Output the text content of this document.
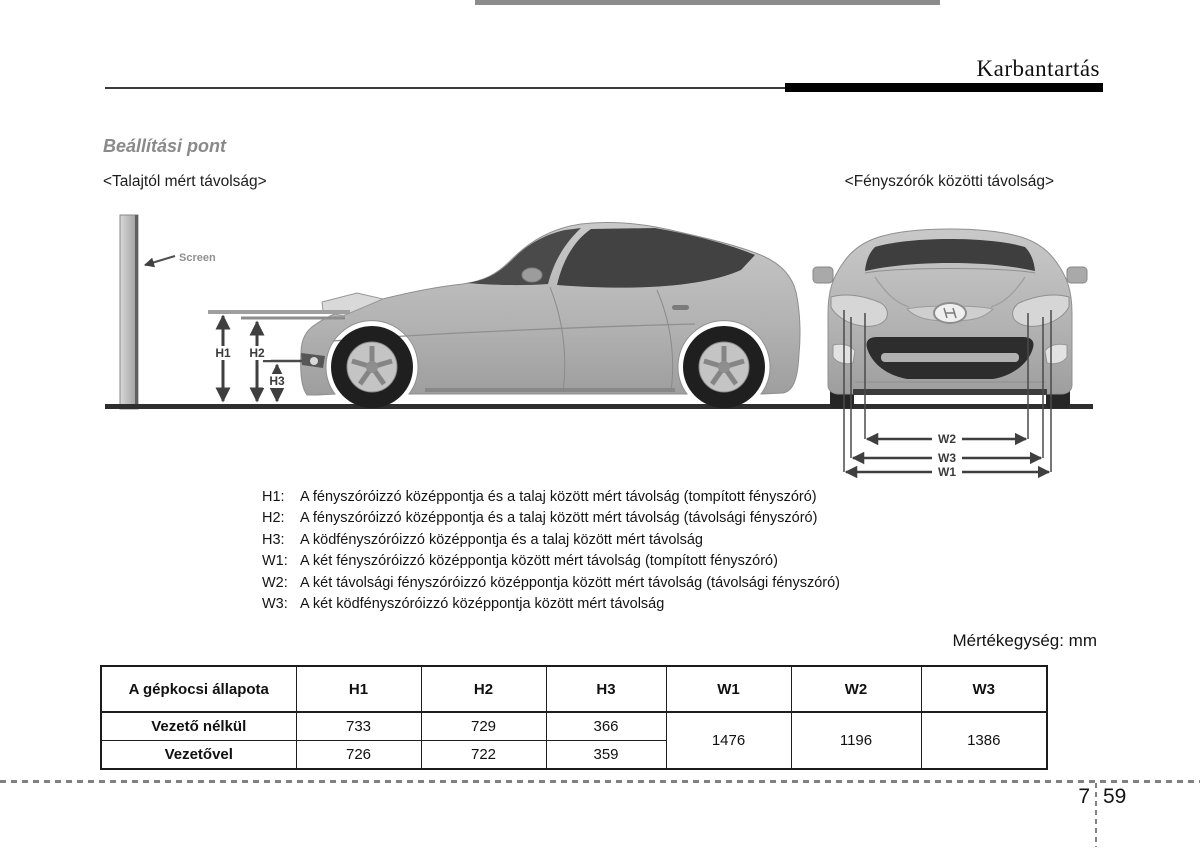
Karbantartás
Beállítási pont
<Talajtól mért távolság>	<Fényszórók közötti távolság>
Screen
H1 H2
H3
W2
W3
W1
H1:	A fényszóróizzó középpontja és a talaj között mért távolság (tompított fényszóró)
H2:	A fényszóróizzó középpontja és a talaj között mért távolság (távolsági fényszóró)
H3:	A ködfényszóróizzó középpontja és a talaj között mért távolság
W1: A két fényszóróizzó középpontja között mért távolság (tompított fényszóró)
W2: A két távolsági fényszóróizzó középpontja között mért távolság (távolsági fényszóró)
W3: A két ködfényszóróizzó középpontja között mért távolság
Mértékegység: mm
A gépkocsi állapota	H1	H2	H3	W1	W2	W3
Vezető nélkül	733	729	366	1476	1196	1386
Vezetővel	726	722	359			
7 59
